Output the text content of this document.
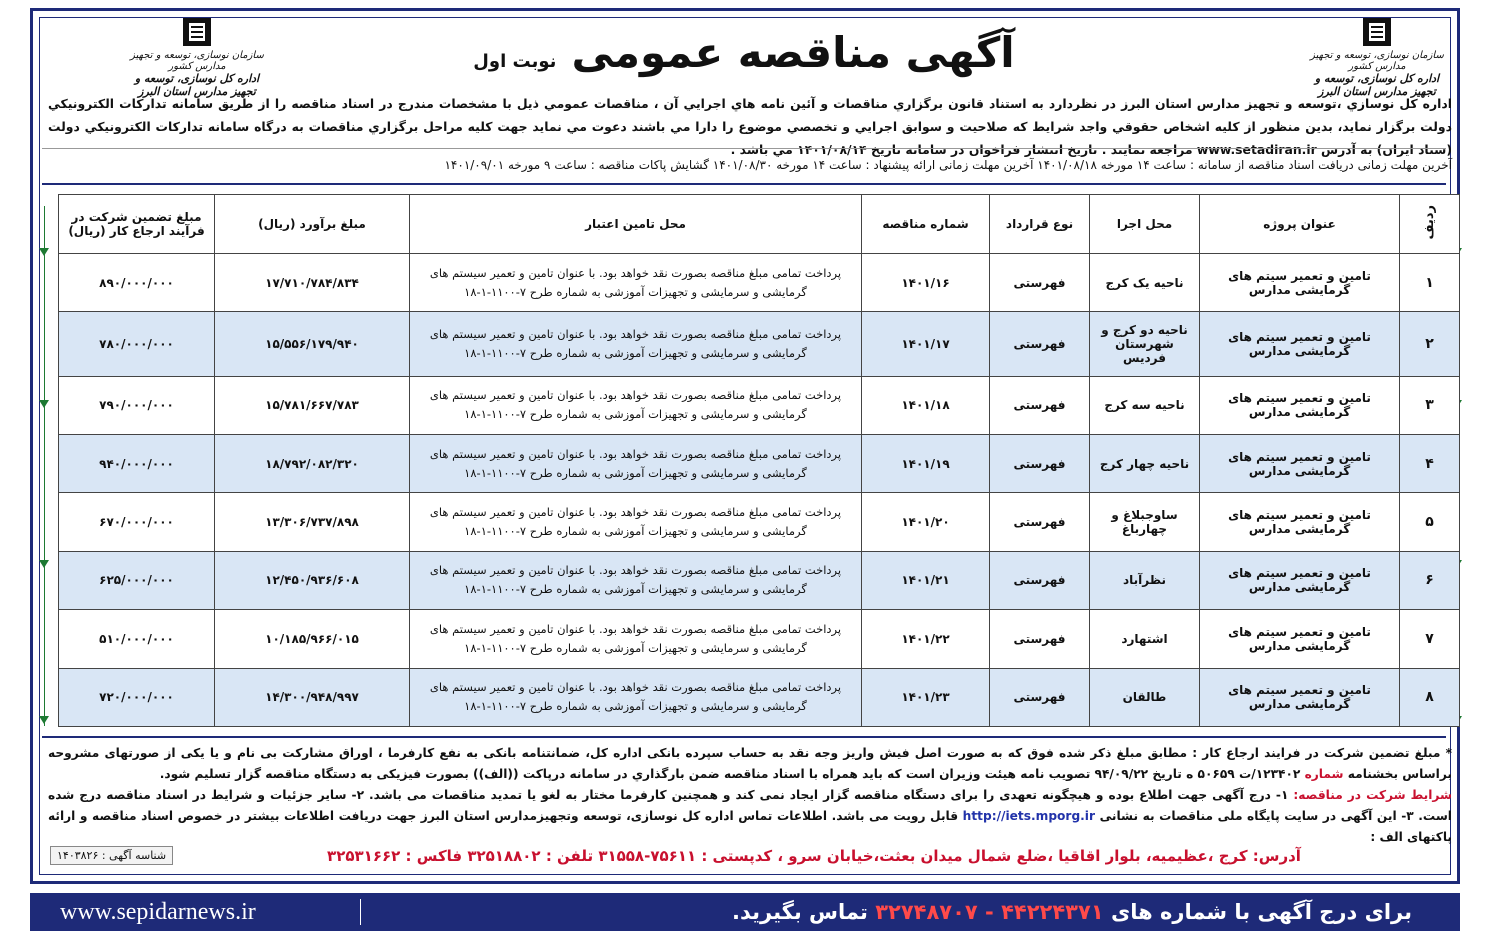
سازمان نوسازی، توسعه و تجهیز مدارس کشور
اداره کل نوسازی، توسعه و تجهیز مدارس استان البرز
سازمان نوسازی، توسعه و تجهیز مدارس کشور
اداره کل نوسازی، توسعه و تجهیز مدارس استان البرز
آگهی مناقصه عمومی نوبت اول
اداره کل نوسازي ،توسعه و تجهيز مدارس استان البرز در نظردارد به استناد قانون برگزاري مناقصات و آئين نامه هاي اجرايي آن ، مناقصات عمومي ذيل با مشخصات مندرج در اسناد مناقصه را از طريق سامانه تدارکات الکترونيکي دولت برگزار نمايد، بدين منظور از کليه اشخاص حقوقي واجد شرايط که صلاحيت و سوابق اجرايي و تخصصي موضوع را دارا مي باشند دعوت مي نمايد جهت کليه مراحل برگزاري مناقصات به درگاه سامانه تدارکات الکترونيکي دولت (ستاد ايران) به آدرس www.setadiran.ir مراجعه نمايند . تاريخ انتشار فراخوان در سامانه تاريخ ۱۴۰۱/۰۸/۱۴ مي باشد .
آخرین مهلت زمانی دریافت اسناد مناقصه از سامانه : ساعت ۱۴ مورخه ۱۴۰۱/۰۸/۱۸ آخرین مهلت زمانی ارائه پیشنهاد : ساعت ۱۴ مورخه ۱۴۰۱/۰۸/۳۰ گشایش پاکات مناقصه : ساعت ۹ مورخه ۱۴۰۱/۰۹/۰۱
ردیف	عنوان پروژه	محل اجرا	نوع قرارداد	شماره مناقصه	محل تامین اعتبار	مبلغ برآورد (ریال)	مبلغ تضمین شرکت در فرآیند ارجاع کار (ریال)
۱	تامین و تعمیر سیتم های گرمایشی مدارس	ناحیه یک کرج	فهرستی	۱۴۰۱/۱۶	پرداخت تمامی مبلغ مناقصه بصورت نقد خواهد بود. با عنوان تامین و تعمیر سیستم های گرمایشی و سرمایشی و تجهیزات آموزشی به شماره طرح ۷-۱۱۰۰-۱-۱۸	۱۷/۷۱۰/۷۸۴/۸۳۴	۸۹۰/۰۰۰/۰۰۰
۲	تامین و تعمیر سیتم های گرمایشی مدارس	ناحیه دو کرج و شهرستان فردیس	فهرستی	۱۴۰۱/۱۷	پرداخت تمامی مبلغ مناقصه بصورت نقد خواهد بود. با عنوان تامین و تعمیر سیستم های گرمایشی و سرمایشی و تجهیزات آموزشی به شماره طرح ۷-۱۱۰۰-۱-۱۸	۱۵/۵۵۶/۱۷۹/۹۴۰	۷۸۰/۰۰۰/۰۰۰
۳	تامین و تعمیر سیتم های گرمایشی مدارس	ناحیه سه کرج	فهرستی	۱۴۰۱/۱۸	پرداخت تمامی مبلغ مناقصه بصورت نقد خواهد بود. با عنوان تامین و تعمیر سیستم های گرمایشی و سرمایشی و تجهیزات آموزشی به شماره طرح ۷-۱۱۰۰-۱-۱۸	۱۵/۷۸۱/۶۶۷/۷۸۳	۷۹۰/۰۰۰/۰۰۰
۴	تامین و تعمیر سیتم های گرمایشی مدارس	ناحیه چهار کرج	فهرستی	۱۴۰۱/۱۹	پرداخت تمامی مبلغ مناقصه بصورت نقد خواهد بود. با عنوان تامین و تعمیر سیستم های گرمایشی و سرمایشی و تجهیزات آموزشی به شماره طرح ۷-۱۱۰۰-۱-۱۸	۱۸/۷۹۲/۰۸۲/۳۲۰	۹۴۰/۰۰۰/۰۰۰
۵	تامین و تعمیر سیتم های گرمایشی مدارس	ساوجبلاغ و چهارباغ	فهرستی	۱۴۰۱/۲۰	پرداخت تمامی مبلغ مناقصه بصورت نقد خواهد بود. با عنوان تامین و تعمیر سیستم های گرمایشی و سرمایشی و تجهیزات آموزشی به شماره طرح ۷-۱۱۰۰-۱-۱۸	۱۳/۳۰۶/۷۳۷/۸۹۸	۶۷۰/۰۰۰/۰۰۰
۶	تامین و تعمیر سیتم های گرمایشی مدارس	نظرآباد	فهرستی	۱۴۰۱/۲۱	پرداخت تمامی مبلغ مناقصه بصورت نقد خواهد بود. با عنوان تامین و تعمیر سیستم های گرمایشی و سرمایشی و تجهیزات آموزشی به شماره طرح ۷-۱۱۰۰-۱-۱۸	۱۲/۴۵۰/۹۳۶/۶۰۸	۶۲۵/۰۰۰/۰۰۰
۷	تامین و تعمیر سیتم های گرمایشی مدارس	اشتهارد	فهرستی	۱۴۰۱/۲۲	پرداخت تمامی مبلغ مناقصه بصورت نقد خواهد بود. با عنوان تامین و تعمیر سیستم های گرمایشی و سرمایشی و تجهیزات آموزشی به شماره طرح ۷-۱۱۰۰-۱-۱۸	۱۰/۱۸۵/۹۶۶/۰۱۵	۵۱۰/۰۰۰/۰۰۰
۸	تامین و تعمیر سیتم های گرمایشی مدارس	طالقان	فهرستی	۱۴۰۱/۲۳	پرداخت تمامی مبلغ مناقصه بصورت نقد خواهد بود. با عنوان تامین و تعمیر سیستم های گرمایشی و سرمایشی و تجهیزات آموزشی به شماره طرح ۷-۱۱۰۰-۱-۱۸	۱۴/۳۰۰/۹۴۸/۹۹۷	۷۲۰/۰۰۰/۰۰۰
* مبلغ تضمین شرکت در فرایند ارجاع کار : مطابق مبلغ ذکر شده فوق که به صورت اصل فیش واریز وجه نقد به حساب سپرده بانکی اداره کل، ضمانتنامه بانکی به نفع کارفرما ، اوراق مشارکت بی نام و یا یکی از صورتهای مشروحه براساس بخشنامه شماره ۱۲۳۴۰۲/ت ۵۰۶۵۹ ه تاریخ ۹۴/۰۹/۲۲ تصویب نامه هیئت وزیران است که باید همراه با اسناد مناقصه ضمن بارگذاري در سامانه درپاکت ((الف)) بصورت فیزیکی به دستگاه مناقصه گزار تسلیم شود.
شرایط شرکت در مناقصه: ۱- درج آگهی جهت اطلاع بوده و هیچگونه تعهدی را برای دستگاه مناقصه گزار ایجاد نمی کند و همچنین کارفرما مختار به لغو یا تمدید مناقصات می باشد. ۲- سایر جزئیات و شرایط در اسناد مناقصه درج شده است. ۳- این آگهی در سایت پایگاه ملی مناقصات به نشانی http://iets.mporg.ir قابل رویت می باشد. اطلاعات تماس اداره کل نوسازی، توسعه وتجهیزمدارس استان البرز جهت دریافت اطلاعات بیشتر در خصوص اسناد مناقصه و ارائه پاکتهای الف :
آدرس: کرج ،عظیمیه، بلوار اقاقیا ،ضلع شمال میدان بعثت،خیابان سرو ، کدپستی : ۷۵۶۱۱-۳۱۵۵۸ تلفن : ۳۲۵۱۸۸۰۲ فاکس : ۳۲۵۳۱۶۶۲
شناسه آگهی : ۱۴۰۳۸۲۶
www.sepidarnews.ir	برای درج آگهی با شماره های ۴۴۲۲۴۳۷۱ - ۳۲۷۴۸۷۰۷ تماس بگیرید.
